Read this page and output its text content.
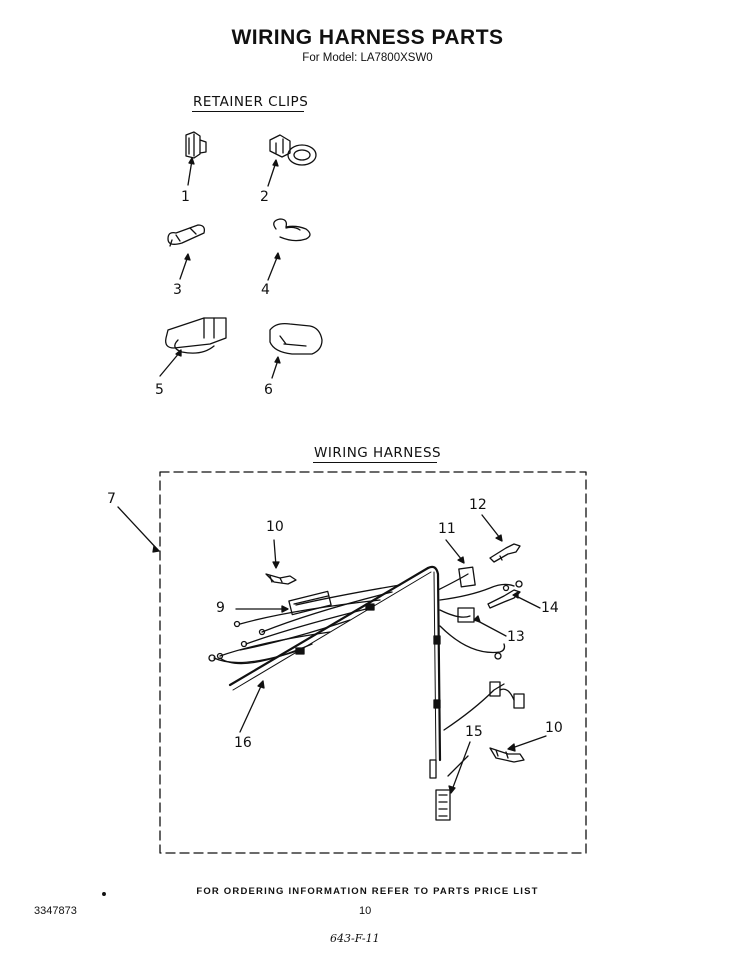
WIRING HARNESS PARTS
For Model: LA7800XSW0
RETAINER CLIPS
1	2
3	4
5	6
WIRING HARNESS
7
9
10
10
11
12
13
14
15
16
FOR ORDERING INFORMATION REFER TO PARTS PRICE LIST
3347873	10
643-F-11
